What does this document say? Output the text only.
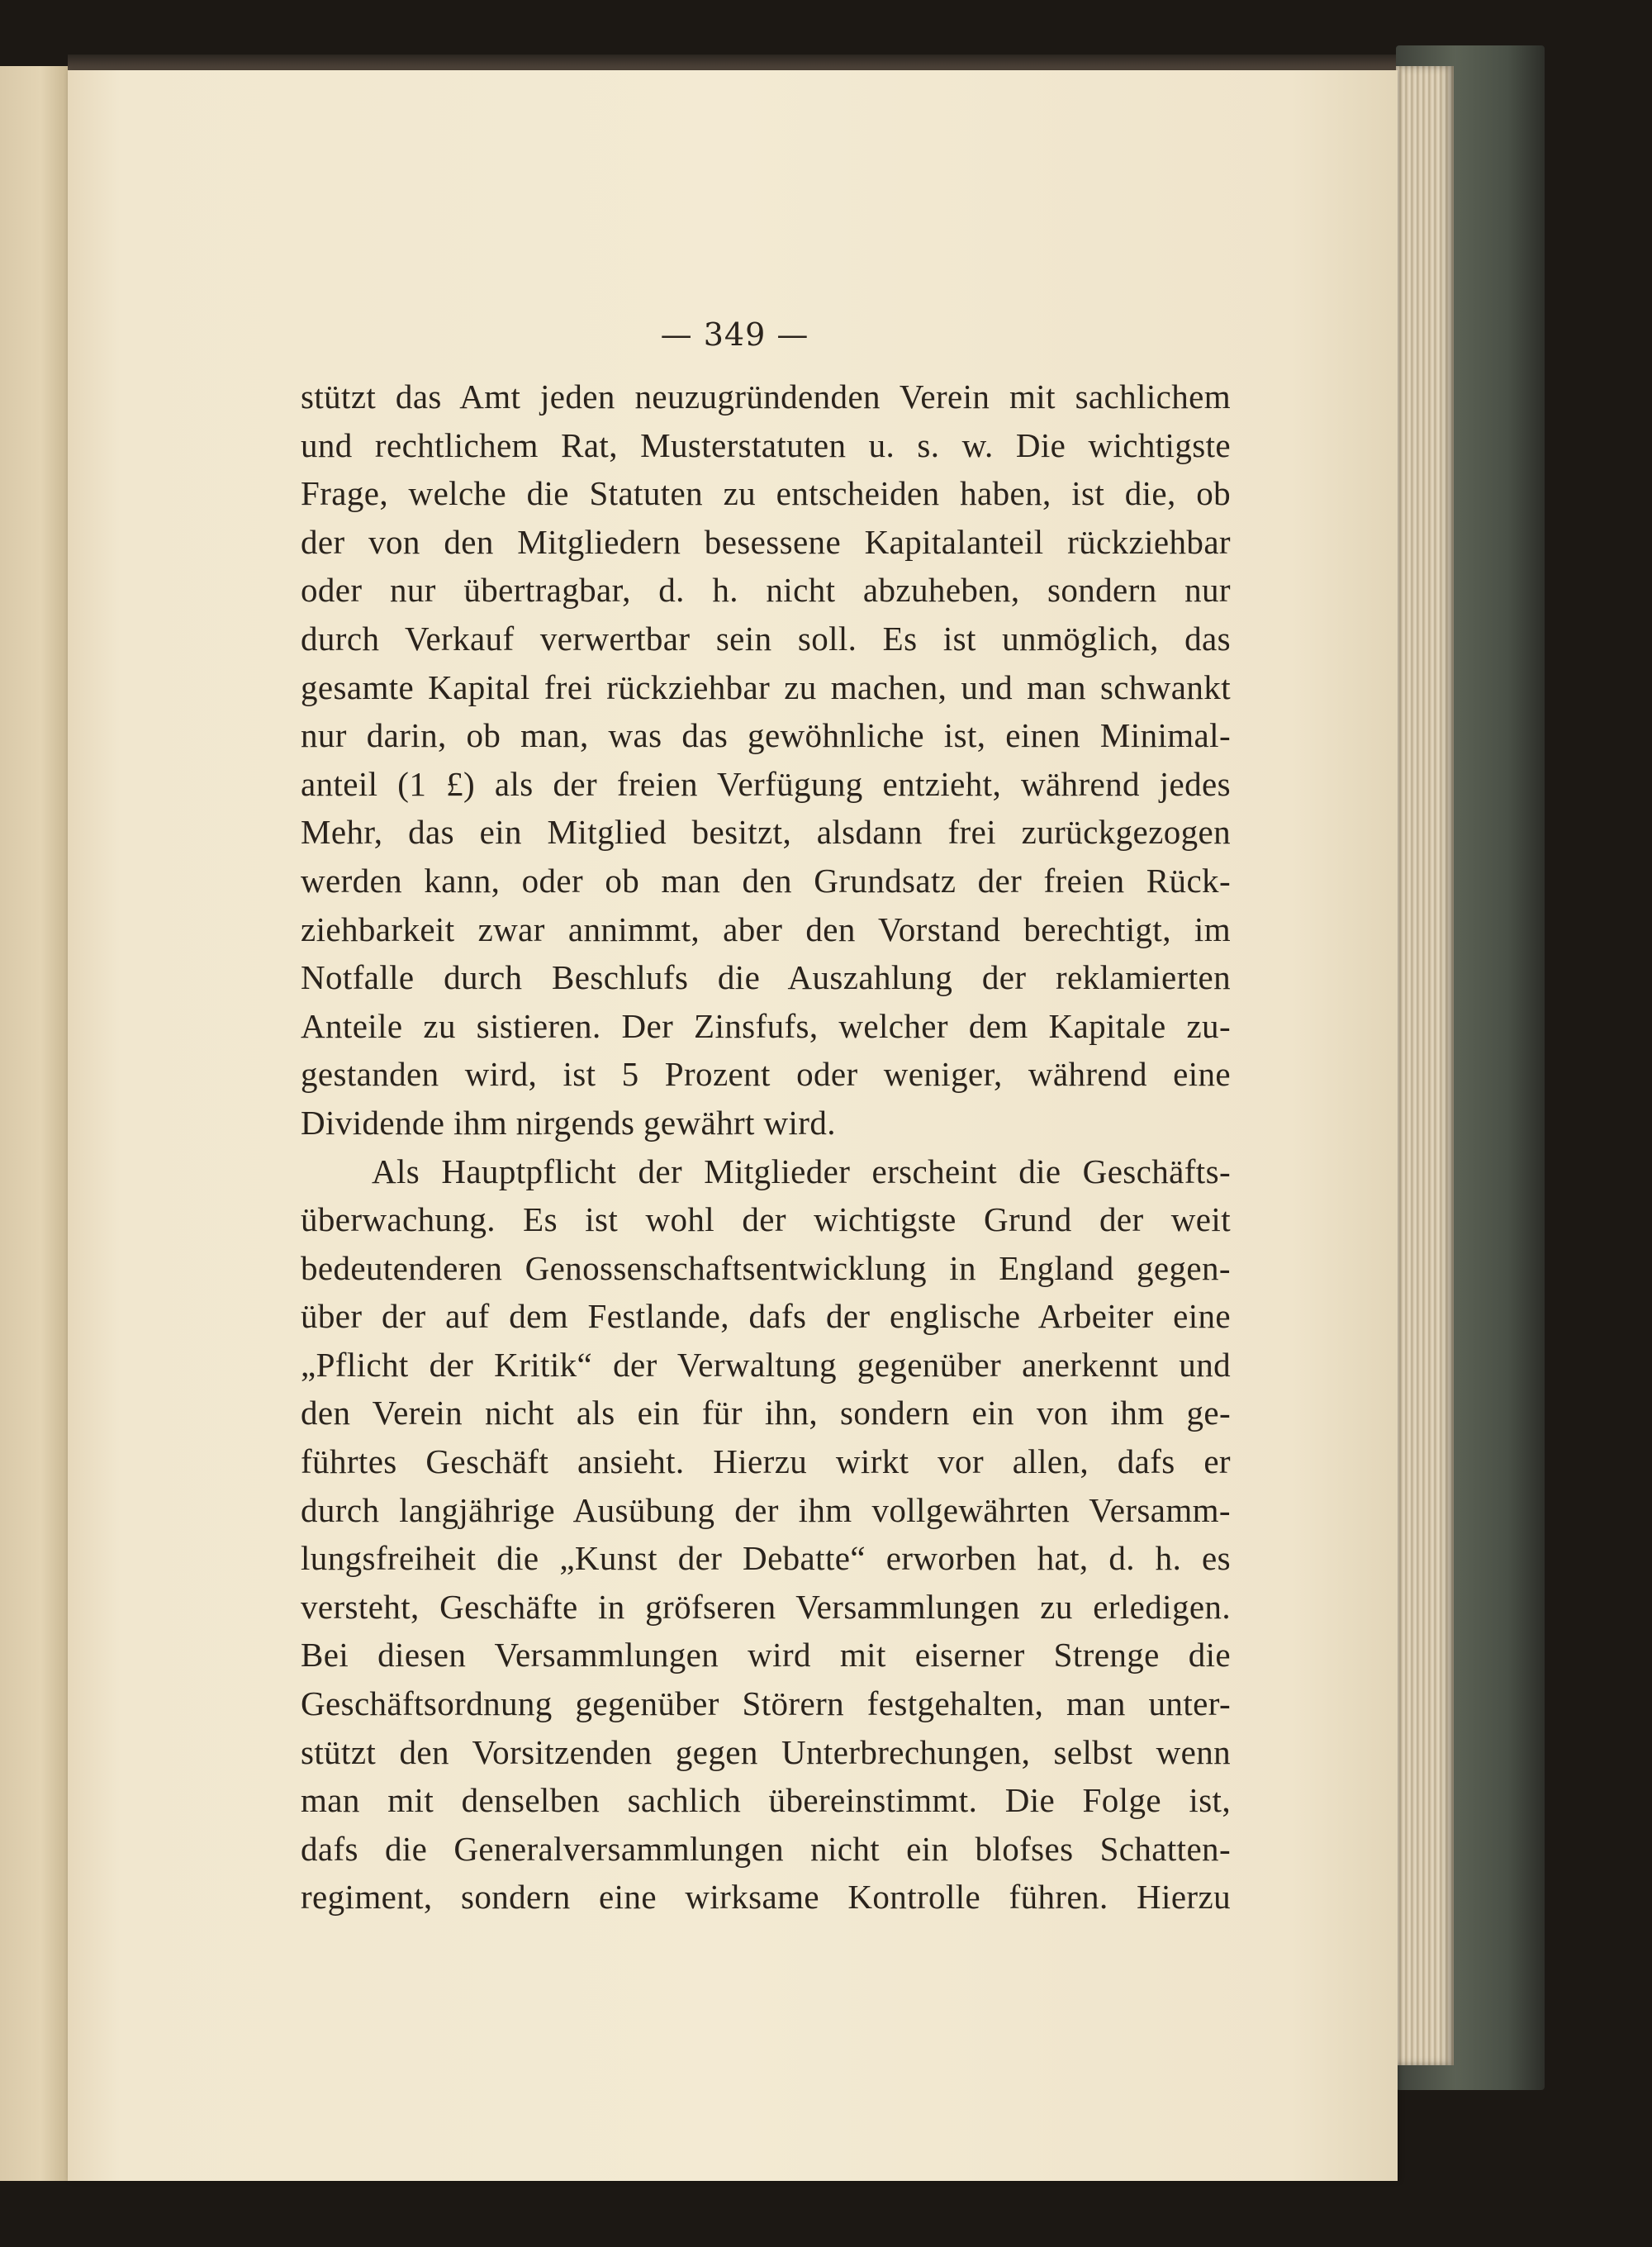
— 349 —
stützt das Amt jeden neuzugründenden Verein mit sachlichem
und rechtlichem Rat, Musterstatuten u. s. w. Die wichtigste
Frage, welche die Statuten zu entscheiden haben, ist die, ob
der von den Mitgliedern besessene Kapitalanteil rückziehbar
oder nur übertragbar, d. h. nicht abzuheben, sondern nur
durch Verkauf verwertbar sein soll. Es ist unmöglich, das
gesamte Kapital frei rückziehbar zu machen, und man schwankt
nur darin, ob man, was das gewöhnliche ist, einen Minimal-
anteil (1 £) als der freien Verfügung entzieht, während jedes
Mehr, das ein Mitglied besitzt, alsdann frei zurückgezogen
werden kann, oder ob man den Grundsatz der freien Rück-
ziehbarkeit zwar annimmt, aber den Vorstand berechtigt, im
Notfalle durch Beschlufs die Auszahlung der reklamierten
Anteile zu sistieren. Der Zinsfufs, welcher dem Kapitale zu-
gestanden wird, ist 5 Prozent oder weniger, während eine
Dividende ihm nirgends gewährt wird.
Als Hauptpflicht der Mitglieder erscheint die Geschäfts-
überwachung. Es ist wohl der wichtigste Grund der weit
bedeutenderen Genossenschaftsentwicklung in England gegen-
über der auf dem Festlande, dafs der englische Arbeiter eine
„Pflicht der Kritik“ der Verwaltung gegenüber anerkennt und
den Verein nicht als ein für ihn, sondern ein von ihm ge-
führtes Geschäft ansieht. Hierzu wirkt vor allen, dafs er
durch langjährige Ausübung der ihm vollgewährten Versamm-
lungsfreiheit die „Kunst der Debatte“ erworben hat, d. h. es
versteht, Geschäfte in gröfseren Versammlungen zu erledigen.
Bei diesen Versammlungen wird mit eiserner Strenge die
Geschäftsordnung gegenüber Störern festgehalten, man unter-
stützt den Vorsitzenden gegen Unterbrechungen, selbst wenn
man mit denselben sachlich übereinstimmt. Die Folge ist,
dafs die Generalversammlungen nicht ein blofses Schatten-
regiment, sondern eine wirksame Kontrolle führen. Hierzu
